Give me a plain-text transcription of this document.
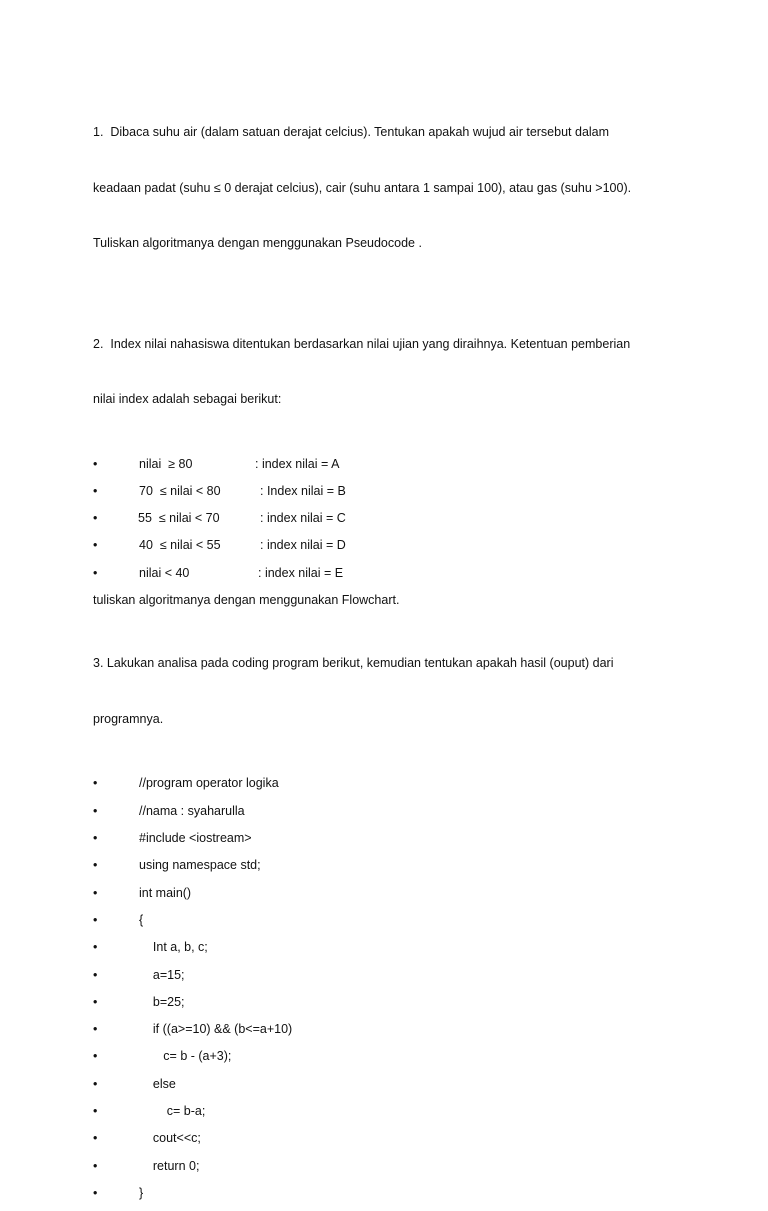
1.  Dibaca suhu air (dalam satuan derajat celcius). Tentukan apakah wujud air tersebut dalam

keadaan padat (suhu ≤ 0 derajat celcius), cair (suhu antara 1 sampai 100), atau gas (suhu >100).

Tuliskan algoritmanya dengan menggunakan Pseudocode .

2.  Index nilai nahasiswa ditentukan berdasarkan nilai ujian yang diraihnya. Ketentuan pemberian

nilai index adalah sebagai berikut:

•	nilai  ≥ 80	: index nilai = A
•	70  ≤ nilai < 80	: Index nilai = B
•	55  ≤ nilai < 70	: index nilai = C
•	40  ≤ nilai < 55	: index nilai = D
•	nilai < 40	: index nilai = E
tuliskan algoritmanya dengan menggunakan Flowchart.

3. Lakukan analisa pada coding program berikut, kemudian tentukan apakah hasil (ouput) dari

programnya.

•	//program operator logika
•	//nama : syaharulla
•	#include <iostream>
•	using namespace std;
•	int main()
•	{
•	Int a, b, c;
•	a=15;
•	b=25;
•	if ((a>=10) && (b<=a+10)
•	c= b - (a+3);
•	else
•	c= b-a;
•	cout<<c;
•	return 0;
•	}
